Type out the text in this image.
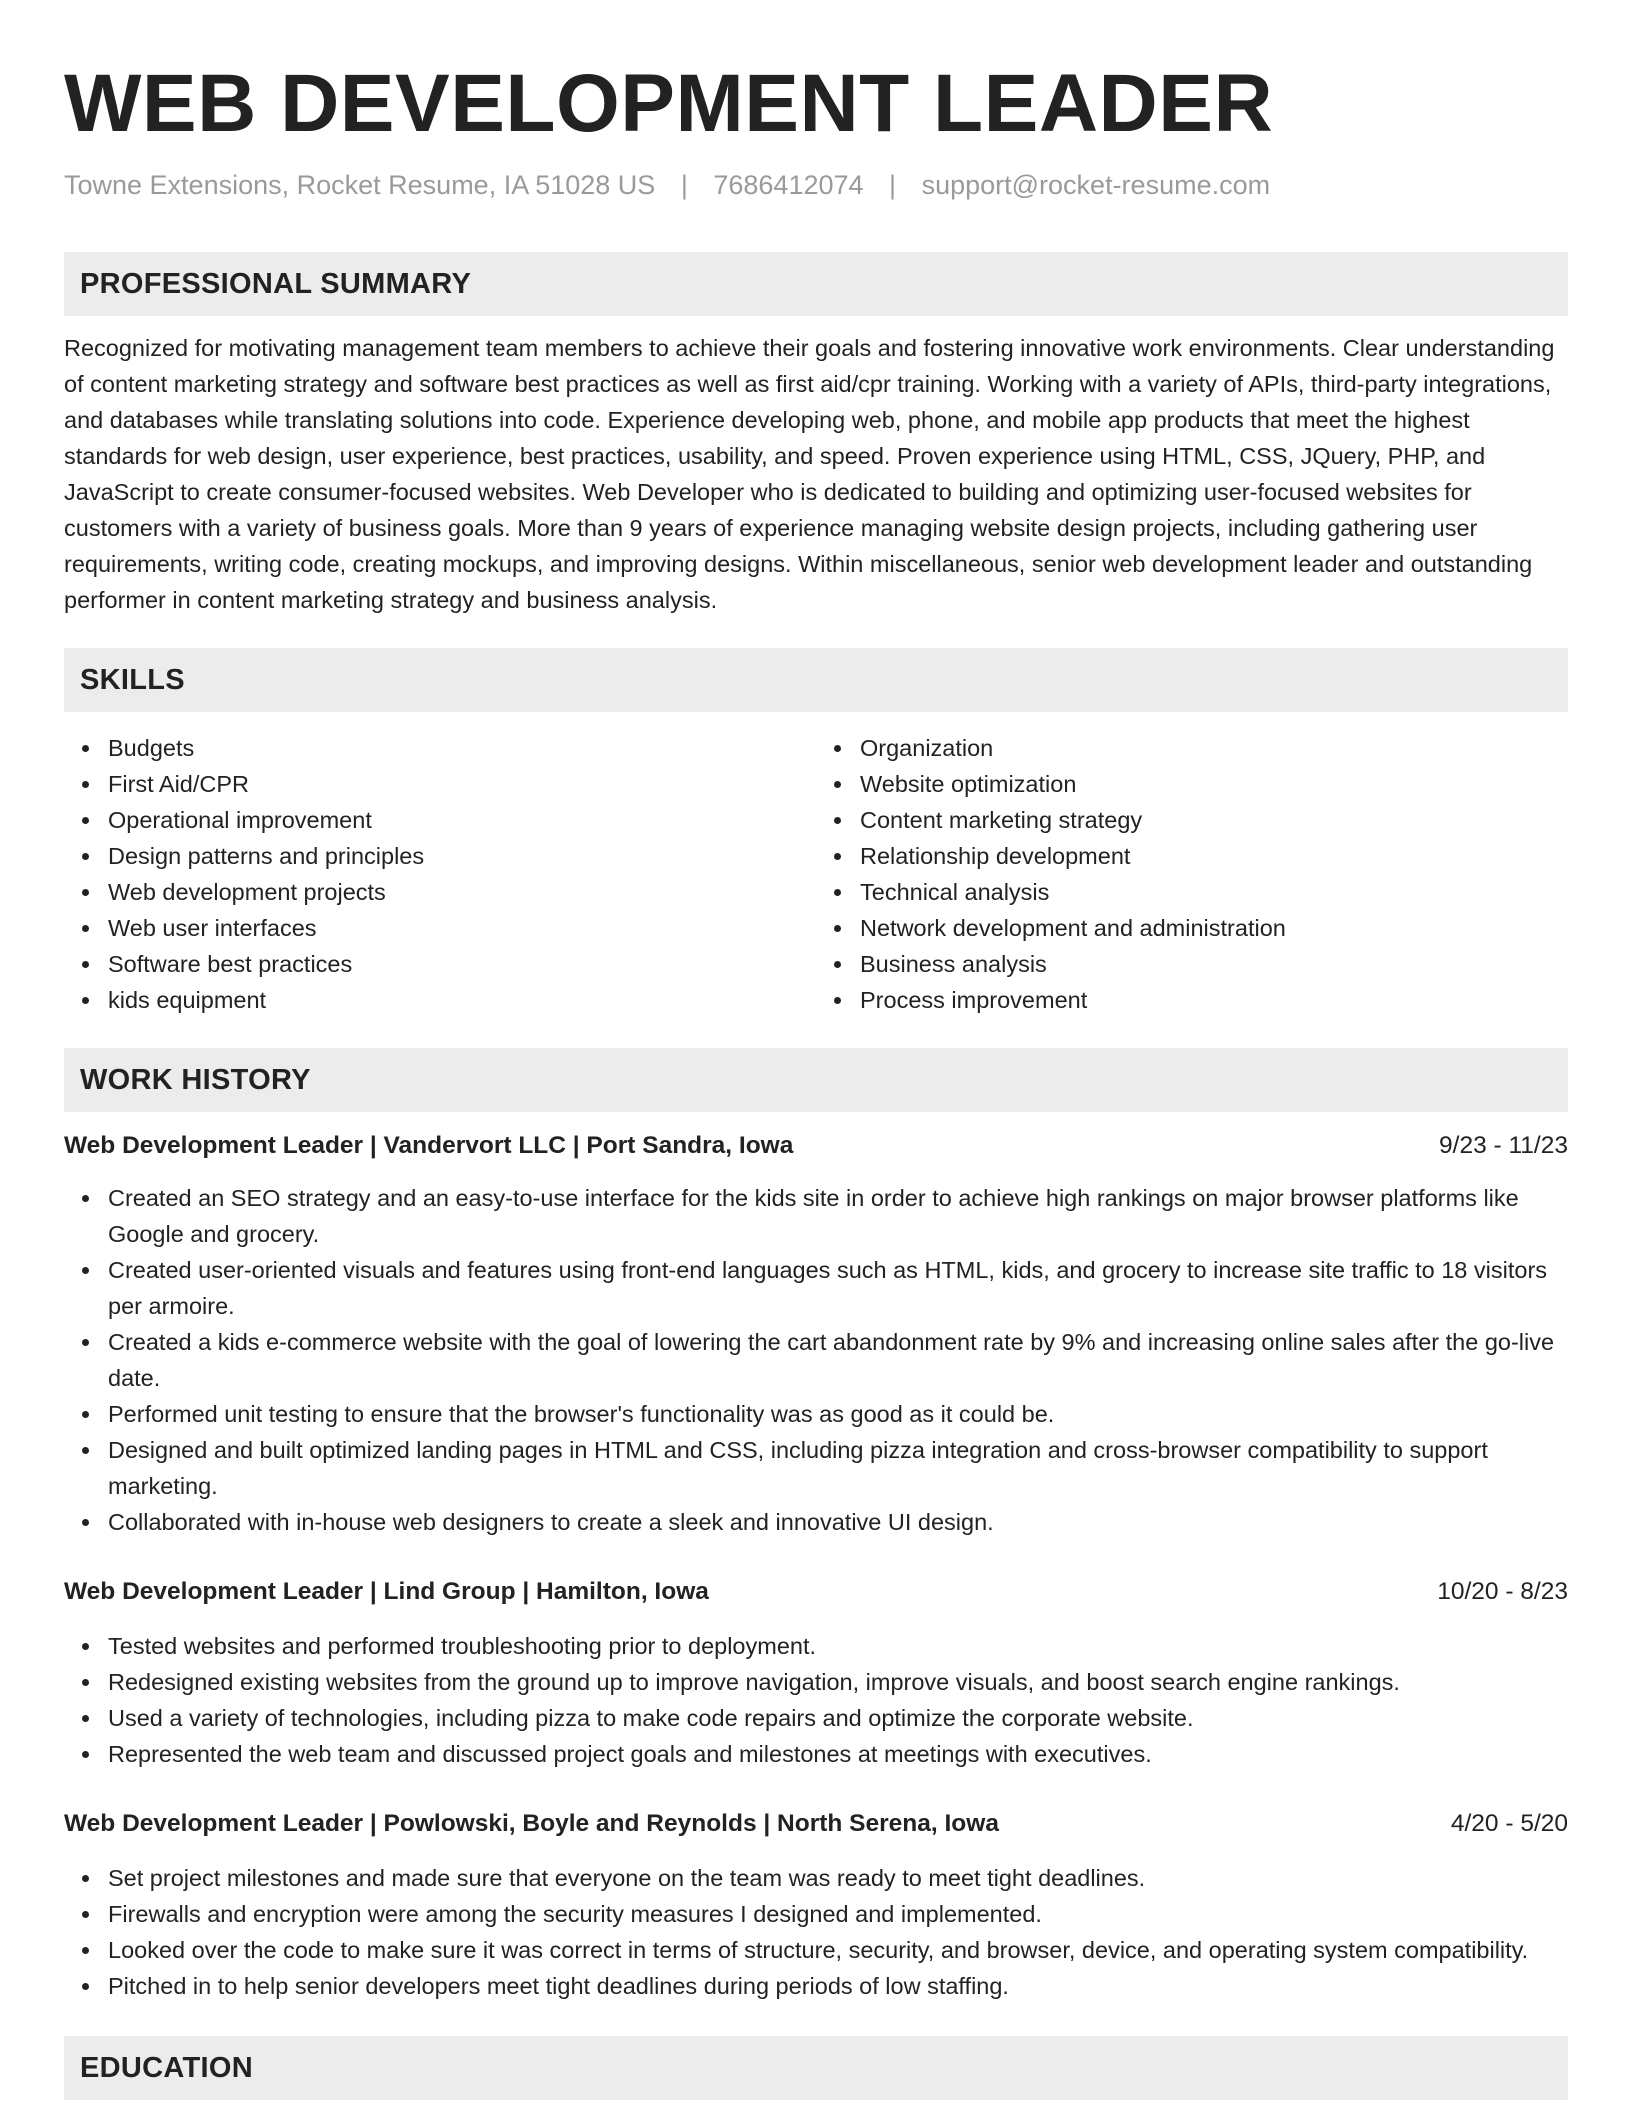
WEB DEVELOPMENT LEADER
Towne Extensions, Rocket Resume, IA 51028 US | 7686412074 | support@rocket-resume.com
PROFESSIONAL SUMMARY
Recognized for motivating management team members to achieve their goals and fostering innovative work environments. Clear understanding of content marketing strategy and software best practices as well as first aid/cpr training. Working with a variety of APIs, third-party integrations, and databases while translating solutions into code. Experience developing web, phone, and mobile app products that meet the highest standards for web design, user experience, best practices, usability, and speed. Proven experience using HTML, CSS, JQuery, PHP, and JavaScript to create consumer-focused websites. Web Developer who is dedicated to building and optimizing user-focused websites for customers with a variety of business goals. More than 9 years of experience managing website design projects, including gathering user requirements, writing code, creating mockups, and improving designs. Within miscellaneous, senior web development leader and outstanding performer in content marketing strategy and business analysis.
SKILLS
Budgets
First Aid/CPR
Operational improvement
Design patterns and principles
Web development projects
Web user interfaces
Software best practices
kids equipment
Organization
Website optimization
Content marketing strategy
Relationship development
Technical analysis
Network development and administration
Business analysis
Process improvement
WORK HISTORY
Web Development Leader | Vandervort LLC | Port Sandra, Iowa	9/23 - 11/23
Created an SEO strategy and an easy-to-use interface for the kids site in order to achieve high rankings on major browser platforms like Google and grocery.
Created user-oriented visuals and features using front-end languages such as HTML, kids, and grocery to increase site traffic to 18 visitors per armoire.
Created a kids e-commerce website with the goal of lowering the cart abandonment rate by 9% and increasing online sales after the go-live date.
Performed unit testing to ensure that the browser's functionality was as good as it could be.
Designed and built optimized landing pages in HTML and CSS, including pizza integration and cross-browser compatibility to support marketing.
Collaborated with in-house web designers to create a sleek and innovative UI design.
Web Development Leader | Lind Group | Hamilton, Iowa	10/20 - 8/23
Tested websites and performed troubleshooting prior to deployment.
Redesigned existing websites from the ground up to improve navigation, improve visuals, and boost search engine rankings.
Used a variety of technologies, including pizza to make code repairs and optimize the corporate website.
Represented the web team and discussed project goals and milestones at meetings with executives.
Web Development Leader | Powlowski, Boyle and Reynolds | North Serena, Iowa	4/20 - 5/20
Set project milestones and made sure that everyone on the team was ready to meet tight deadlines.
Firewalls and encryption were among the security measures I designed and implemented.
Looked over the code to make sure it was correct in terms of structure, security, and browser, device, and operating system compatibility.
Pitched in to help senior developers meet tight deadlines during periods of low staffing.
EDUCATION
